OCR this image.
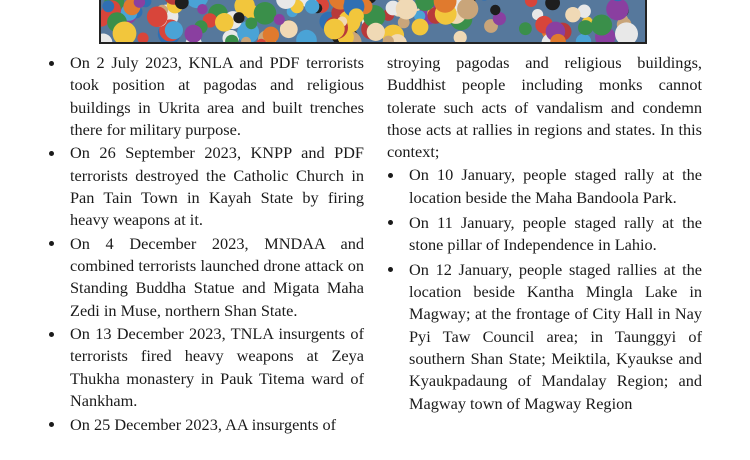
On 2 July 2023, KNLA and PDF terrorists took position at pagodas and religious buildings in Ukrita area and built trenches there for military purpose.
On 26 September 2023, KNPP and PDF terrorists destroyed the Catholic Church in Pan Tain Town in Kayah State by firing heavy weapons at it.
On 4 December 2023, MNDAA and combined terrorists launched drone attack on Standing Buddha Statue and Migata Maha Zedi in Muse, northern Shan State.
On 13 December 2023, TNLA insurgents of terrorists fired heavy weapons at Zeya Thukha monastery in Pauk Titema ward of Nankham.
On 25 December 2023, AA insurgents of

stroying pagodas and religious buildings, Buddhist people including monks cannot tolerate such acts of vandalism and condemn those acts at rallies in regions and states. In this context;

On 10 January, people staged rally at the location beside the Maha Bandoola Park.
On 11 January, people staged rally at the stone pillar of Independence in Lahio.
On 12 January, people staged rallies at the location beside Kantha Mingla Lake in Magway; at the frontage of City Hall in Nay Pyi Taw Council area; in Taunggyi of southern Shan State; Meiktila, Kyaukse and Kyaukpadaung of Mandalay Region; and Magway town of Magway Region
